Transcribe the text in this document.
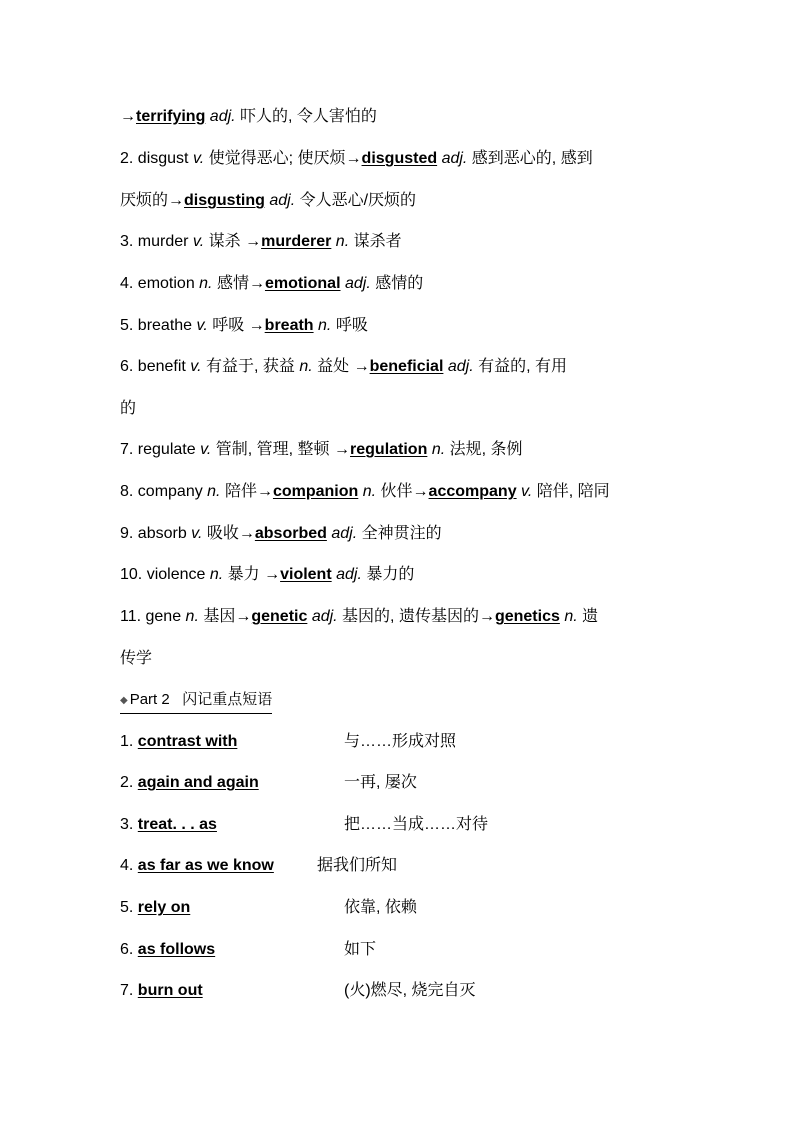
→terrifying adj. 吓人的, 令人害怕的
2. disgust v. 使觉得恶心; 使厌烦→disgusted adj. 感到恶心的, 感到
厌烦的→disgusting adj. 令人恶心/厌烦的
3. murder v. 谋杀 →murderer n. 谋杀者
4. emotion n. 感情→emotional adj. 感情的
5. breathe v. 呼吸 →breath n. 呼吸
6. benefit v. 有益于, 获益 n. 益处 →beneficial adj. 有益的, 有用
的
7. regulate v. 管制, 管理, 整顿 →regulation n. 法规, 条例
8. company n. 陪伴→companion n. 伙伴→accompany v. 陪伴, 陪同
9. absorb v. 吸收→absorbed adj. 全神贯注的
10. violence n. 暴力 →violent adj. 暴力的
11. gene n. 基因→genetic adj. 基因的, 遗传基因的→genetics n. 遗
传学
◆ Part 2 闪记重点短语
1. contrast with	与……形成对照
2. again and again	一再, 屡次
3. treat. . . as	把……当成……对待
4. as far as we know	据我们所知
5. rely on	依靠, 依赖
6. as follows	如下
7. burn out	(火)燃尽, 烧完自灭
